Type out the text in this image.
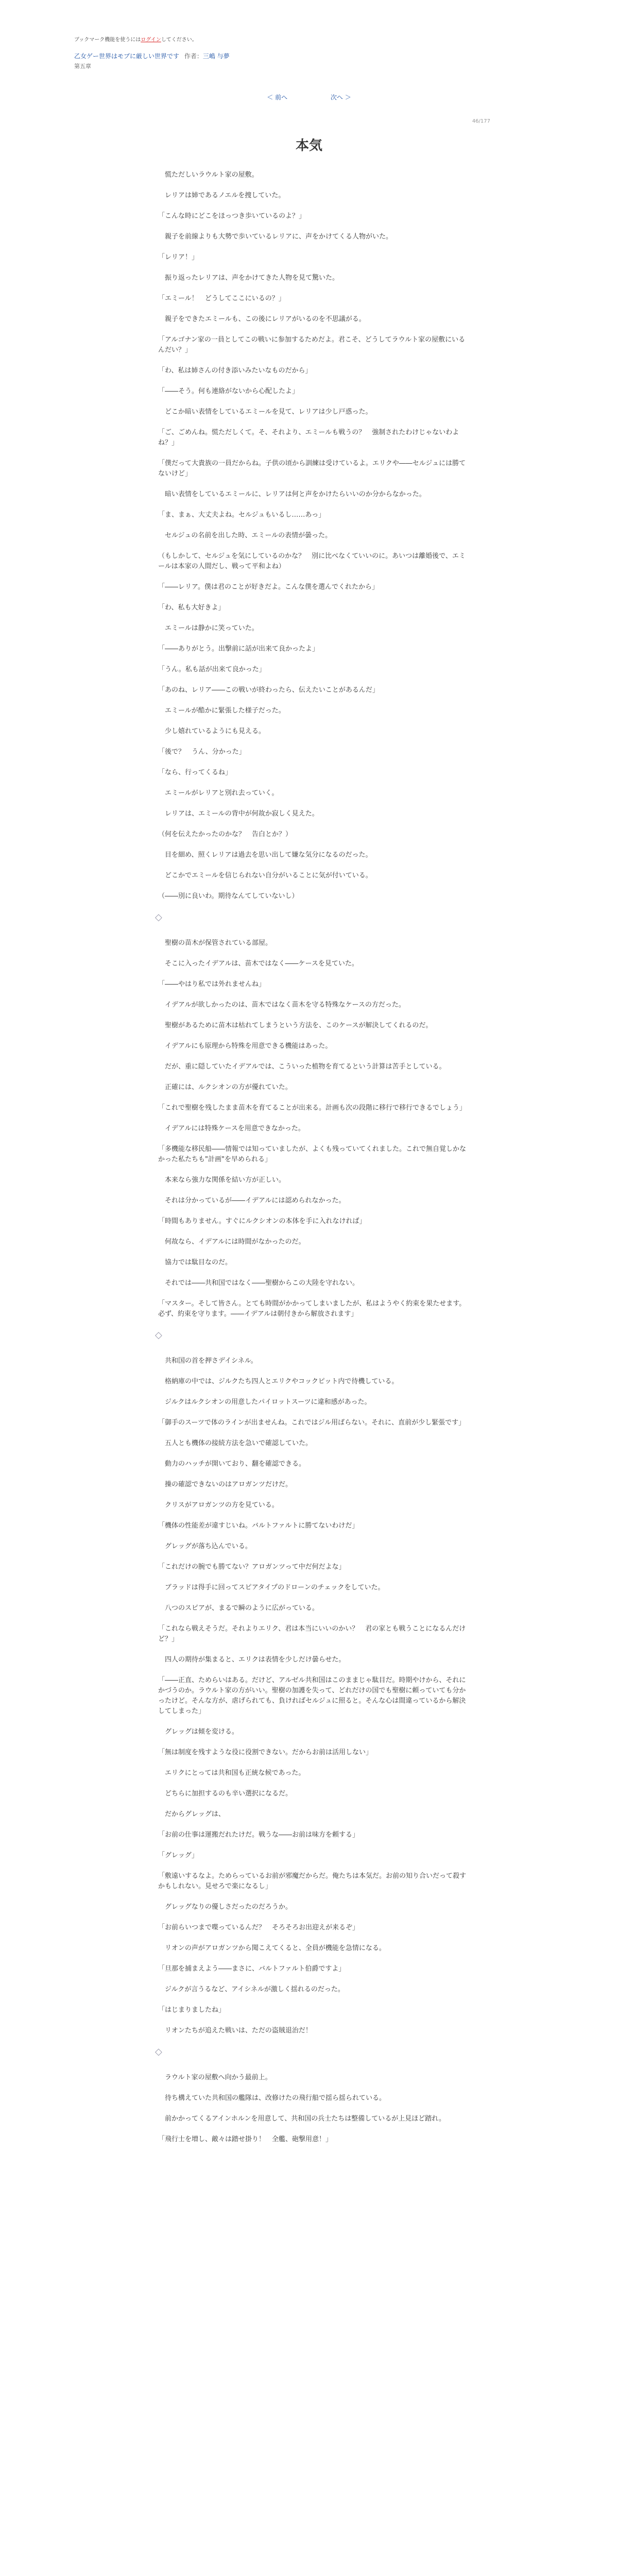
ブックマーク機能を使うにはログインしてください。
乙女ゲー世界はモブに厳しい世界です 作者：三嶋 与夢
第五章
＜ 前へ	次へ ＞
46/177
本気

　慌ただしいラウルト家の屋敷。

　レリアは姉であるノエルを捜していた。

「こんな時にどこをほっつき歩いているのよ？」

　親子を前線よりも大勢で歩いているレリアに、声をかけてくる人物がいた。

「レリア！」

　振り返ったレリアは、声をかけてきた人物を見て驚いた。

「エミール！　どうしてここにいるの？」

　親子をできたエミールも、この後にレリアがいるのを不思議がる。

「アルゴナン家の一員としてこの戦いに参加するためだよ。君こそ、どうしてラウルト家の屋敷にいるんだい？」

「わ、私は姉さんの付き添いみたいなものだから」

「――そう。何も連絡がないから心配したよ」

　どこか暗い表情をしているエミールを見て、レリアは少し戸惑った。

「ご、ごめんね。慌ただしくて。そ、それより、エミールも戦うの？　強制されたわけじゃないわよね？」

「僕だって大貴族の一員だからね。子供の頃から訓練は受けているよ。エリクや――セルジュには勝てないけど」

　暗い表情をしているエミールに、レリアは何と声をかけたらいいのか分からなかった。

「ま、まぁ、大丈夫よね。セルジュもいるし……あっ」

　セルジュの名前を出した時、エミールの表情が曇った。

（もしかして、セルジュを気にしているのかな？　別に比べなくていいのに。あいつは離婚後で、エミールは本家の人間だし、戦って平和よね）

「――レリア。僕は君のことが好きだよ。こんな僕を選んでくれたから」

「わ、私も大好きよ」

　エミールは静かに笑っていた。

「――ありがとう。出撃前に話が出来て良かったよ」

「うん。私も話が出来て良かった」

「あのね、レリア――この戦いが終わったら、伝えたいことがあるんだ」

　エミールが酷かに緊張した様子だった。

　少し嬉れているようにも見える。

「後で？　うん、分かった」

「なら、行ってくるね」

　エミールがレリアと別れ去っていく。

　レリアは、エミールの背中が何故か寂しく見えた。

（何を伝えたかったのかな？　告白とか？）

　目を細め、照くレリアは過去を思い出して嫌な気分になるのだった。

　どこかでエミールを信じられない自分がいることに気が付いている。

（――別に良いわ。期待なんてしていないし）

◇

　聖樹の苗木が保管されている部屋。

　そこに入ったイデアルは、苗木ではなく――ケースを見ていた。

「――やはり私では外れませんね」

　イデアルが欲しかったのは、苗木ではなく苗木を守る特殊なケースの方だった。

　聖樹があるために苗木は枯れてしまうという方法を、このケースが解決してくれるのだ。

　イデアルにも原理から特殊を用意できる機能はあった。

　だが、重に隠していたイデアルでは、こういった植物を育てるという計算は苦手としている。

　正確には、ルクシオンの方が優れていた。

「これで聖樹を残したまま苗木を育てることが出来る。計画も次の段階に移行で移行できるでしょう」

　イデアルには特殊ケースを用意できなかった。

「多機能な移民船――情報では知っていましたが、よくも残っていてくれました。これで無自覚しかなかった私たちも"計画"を早められる」

　本来なら強力な関係を結い方が正しい。

　それは分かっているが――イデアルには認められなかった。

「時間もありません。すぐにルクシオンの本体を手に入れなければ」

　何故なら、イデアルには時間がなかったのだ。

　協力では駄目なのだ。

　それでは――共和国ではなく――聖樹からこの大陸を守れない。

「マスター。そして皆さん。とても時間がかかってしまいましたが、私はようやく約束を果たせます。必ず、約束を守ります。――イデアルは朝付きから解放されます」

◇

　共和国の首を押さデイシネル。

　格納庫の中では、ジルクたち四人とエリクやコックピット内で待機している。

　ジルクはルクシオンの用意したパイロットスーツに違和感があった。

「御手のスーツで体のラインが出ませんね。これではジル用ばらない。それに、直前が少し緊張です」

　五人とも機体の接続方法を急いで確認していた。

　動力のハッチが開いており、翻を確認できる。

　操の確認できないのはアロガンツだけだ。

　クリスがアロガンツの方を見ている。

「機体の性能差が違すじいね。バルトファルトに勝てないわけだ」

　グレッグが落ち込んでいる。

「これだけの腕でも勝てない？アロガンツって中だ何だよな」

　ブラッドは得手に回ってスピアタイプのドローンのチェックをしていた。

　八つのスピアが、まるで瞬のように広がっている。

「これなら戦えそうだ。それよりエリク、君は本当にいいのかい？　君の家とも戦うことになるんだけど？」

　四人の期待が集まると、エリクは表情を少しだけ曇らせた。

「――正直、ためらいはある。だけど、アルゼル共和国はこのままじゃ駄目だ。時期やけから、それにかづうのか。ラウルト家の方がいい。聖樹の加護を失って、どれだけの国でも聖樹に頼っていても分かったけど。そんな方が、虐げられても、負ければセルジュに照ると。そんな心は間違っているから解決してしまった」

　グレッグは傾を変ける。

「無は制度を残すような役に役割できない。だからお前は活用しない」

　エリクにとっては共和国も正統な候であった。

　どちらに加担するのも辛い選択になるだ。

　だからグレッグは、

「お前の仕事は運搬だれたけだ。戦うな――お前は味方を頼する」

「グレッグ」

「敷遠いするなよ。ためらっているお前が邪魔だからだ。俺たちは本気だ。お前の知り合いだって殺すかもしれない。見せろで楽になるし」

　グレッグなりの優しさだったのだろうか。

「お前らいつまで喋っているんだ？　そろそろお出迎えが来るぞ」

　リオンの声がアロガンツから聞こえてくると、全員が機能を急情になる。

「旦那を捕まえよう――まさに、バルトファルト伯爵ですよ」

　ジルクが言うるなど、アイシネルが激しく揺れるのだった。

「はじまりましたね」

　リオンたちが追えた戦いは、ただの盗賊退治だ！

◇

　ラウルト家の屋敷へ向かう最前上。

　待ち構えていた共和国の艦隊は、改修けたの飛行船で揺ら揺られている。

　前かかってくるアインホルンを用意して、共和国の兵士たちは整備しているが上見ほど踏れ。

「飛行士を増し、敵々は踏せ掛り！　全艦、砲撃用意！」
